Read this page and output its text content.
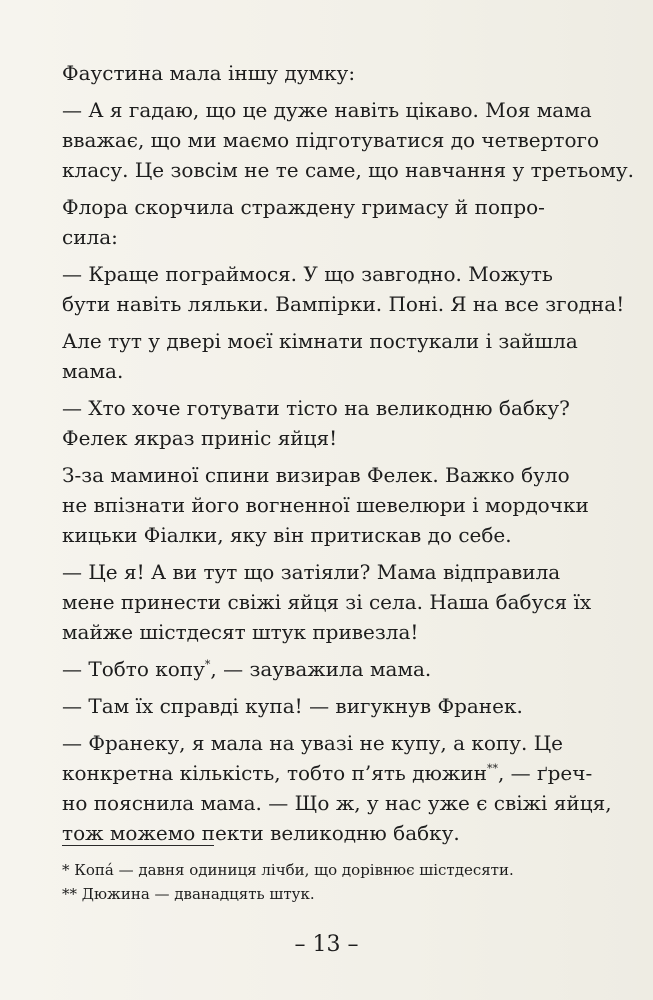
Фаустина мала іншу думку:

— А я гадаю, що це дуже навіть цікаво. Моя мама
вважає, що ми маємо підготуватися до четвертого
класу. Це зовсім не те саме, що навчання у третьому.

Флора скорчила страждену гримасу й попро-
сила:

— Краще пограймося. У що завгодно. Можуть
бути навіть ляльки. Вампірки. Поні. Я на все згодна!

Але тут у двері моєї кімнати постукали і зайшла
мама.

— Хто хоче готувати тісто на великодню бабку?
Фелек якраз приніс яйця!

З-за маминої спини визирав Фелек. Важко було
не впізнати його вогненної шевелюри і мордочки
кицьки Фіалки, яку він притискав до себе.

— Це я! А ви тут що затіяли? Мама відправила
мене принести свіжі яйця зі села. Наша бабуся їх
майже шістдесят штук привезла!

— Тобто копу*, — зауважила мама.

— Там їх справді купа! — вигукнув Франек.

— Франеку, я мала на увазі не купу, а копу. Це
конкретна кількість, тобто п’ять дюжин**, — ґреч-
но пояснила мама. — Що ж, у нас уже є свіжі яйця,
тож можемо пекти великодню бабку.

* Копá — давня одиниця лічби, що дорівнює шістдесяти.
** Дюжина — дванадцять штук.
– 13 –
